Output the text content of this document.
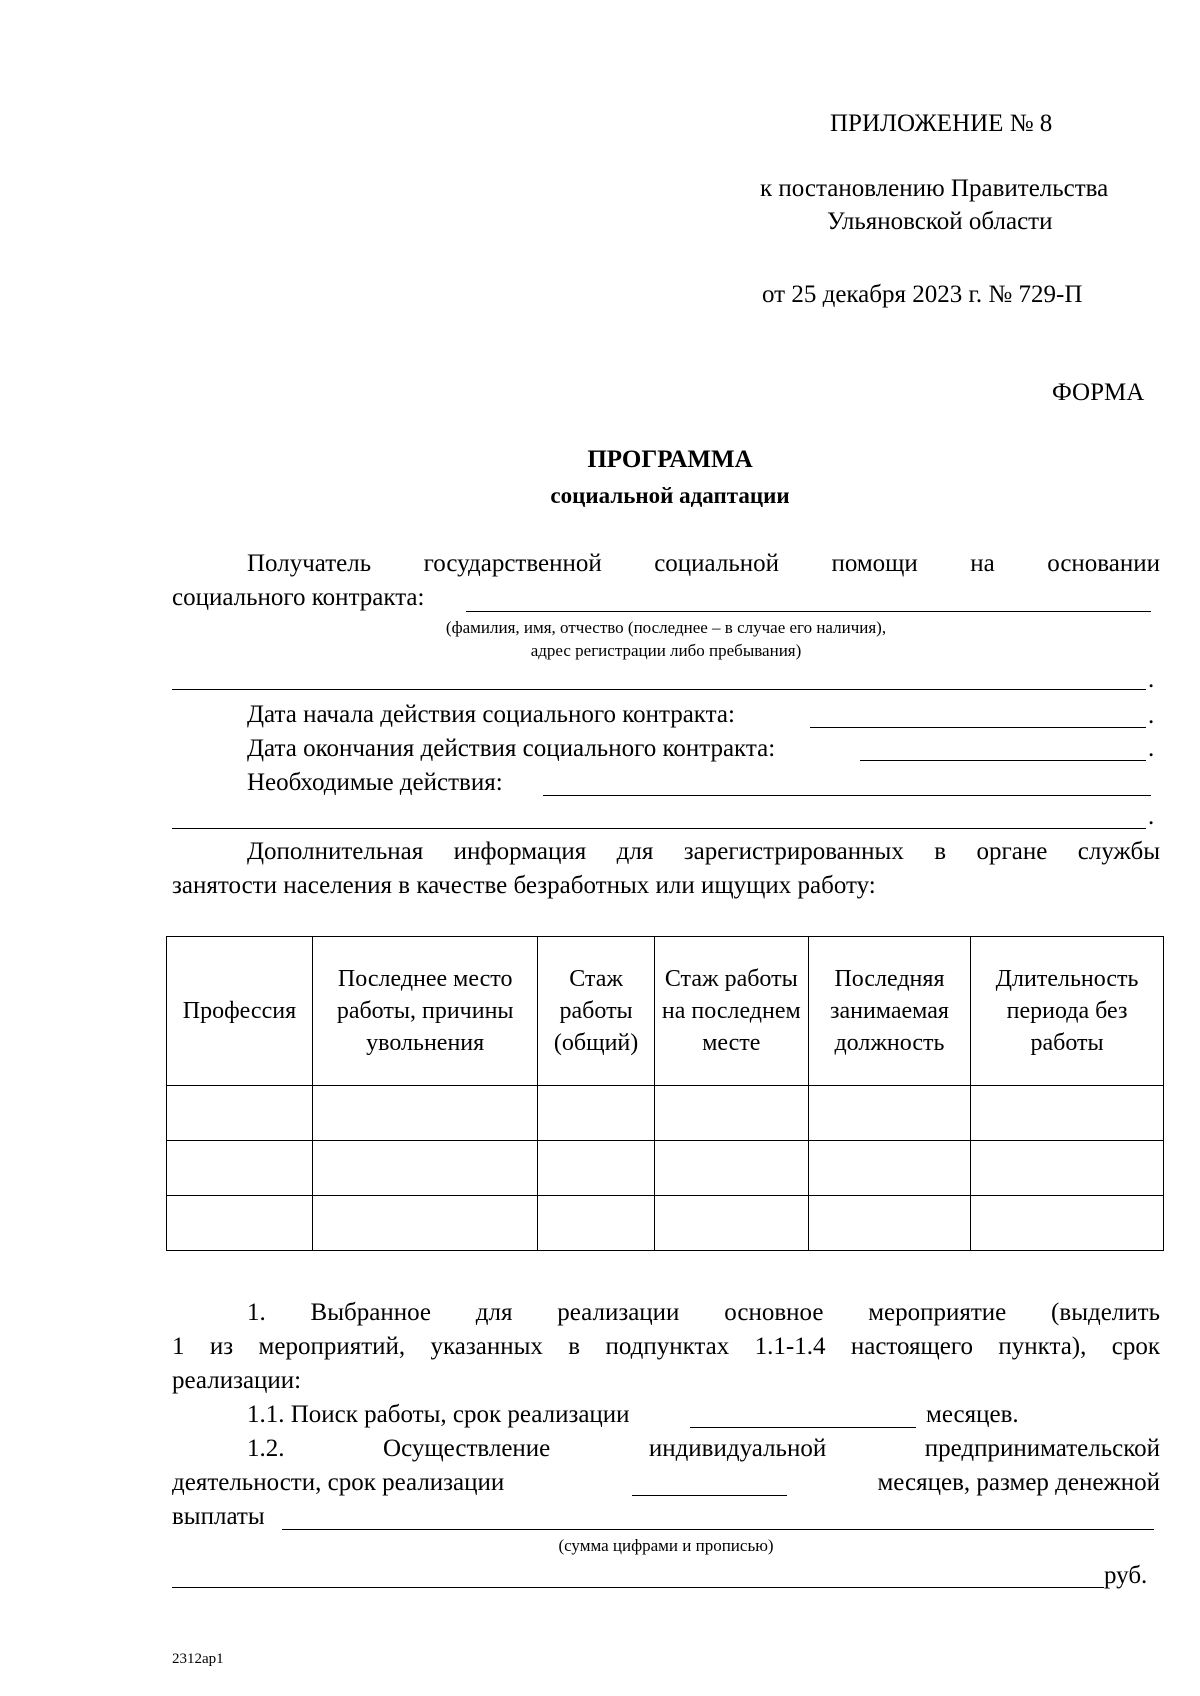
ПРИЛОЖЕНИЕ № 8
к постановлению Правительства
Ульяновской области
от 25 декабря 2023 г. № 729-П
ФОРМА
ПРОГРАММА
социальной адаптации
Получатель государственной социальной помощи на основании
социального контракта:
(фамилия, имя, отчество (последнее – в случае его наличия),
адрес регистрации либо пребывания)
.
Дата начала действия социального контракта:	.
Дата окончания действия социального контракта:	.
Необходимые действия:
.
Дополнительная информация для зарегистрированных в органе службы
занятости населения в качестве безработных или ищущих работу:
Профессия	Последнее место работы, причины увольнения	Стаж работы (общий)	Стаж работы на последнем месте	Последняя занимаемая должность	Длительность периода без работы

1. Выбранное для реализации основное мероприятие (выделить
1 из мероприятий, указанных в подпунктах 1.1-1.4 настоящего пункта), срок
реализации:
1.1. Поиск работы, срок реализации	месяцев.
1.2. Осуществление индивидуальной предпринимательской
деятельности, срок реализации	месяцев, размер денежной
выплаты
(сумма цифрами и прописью)
руб.
2312ap1
